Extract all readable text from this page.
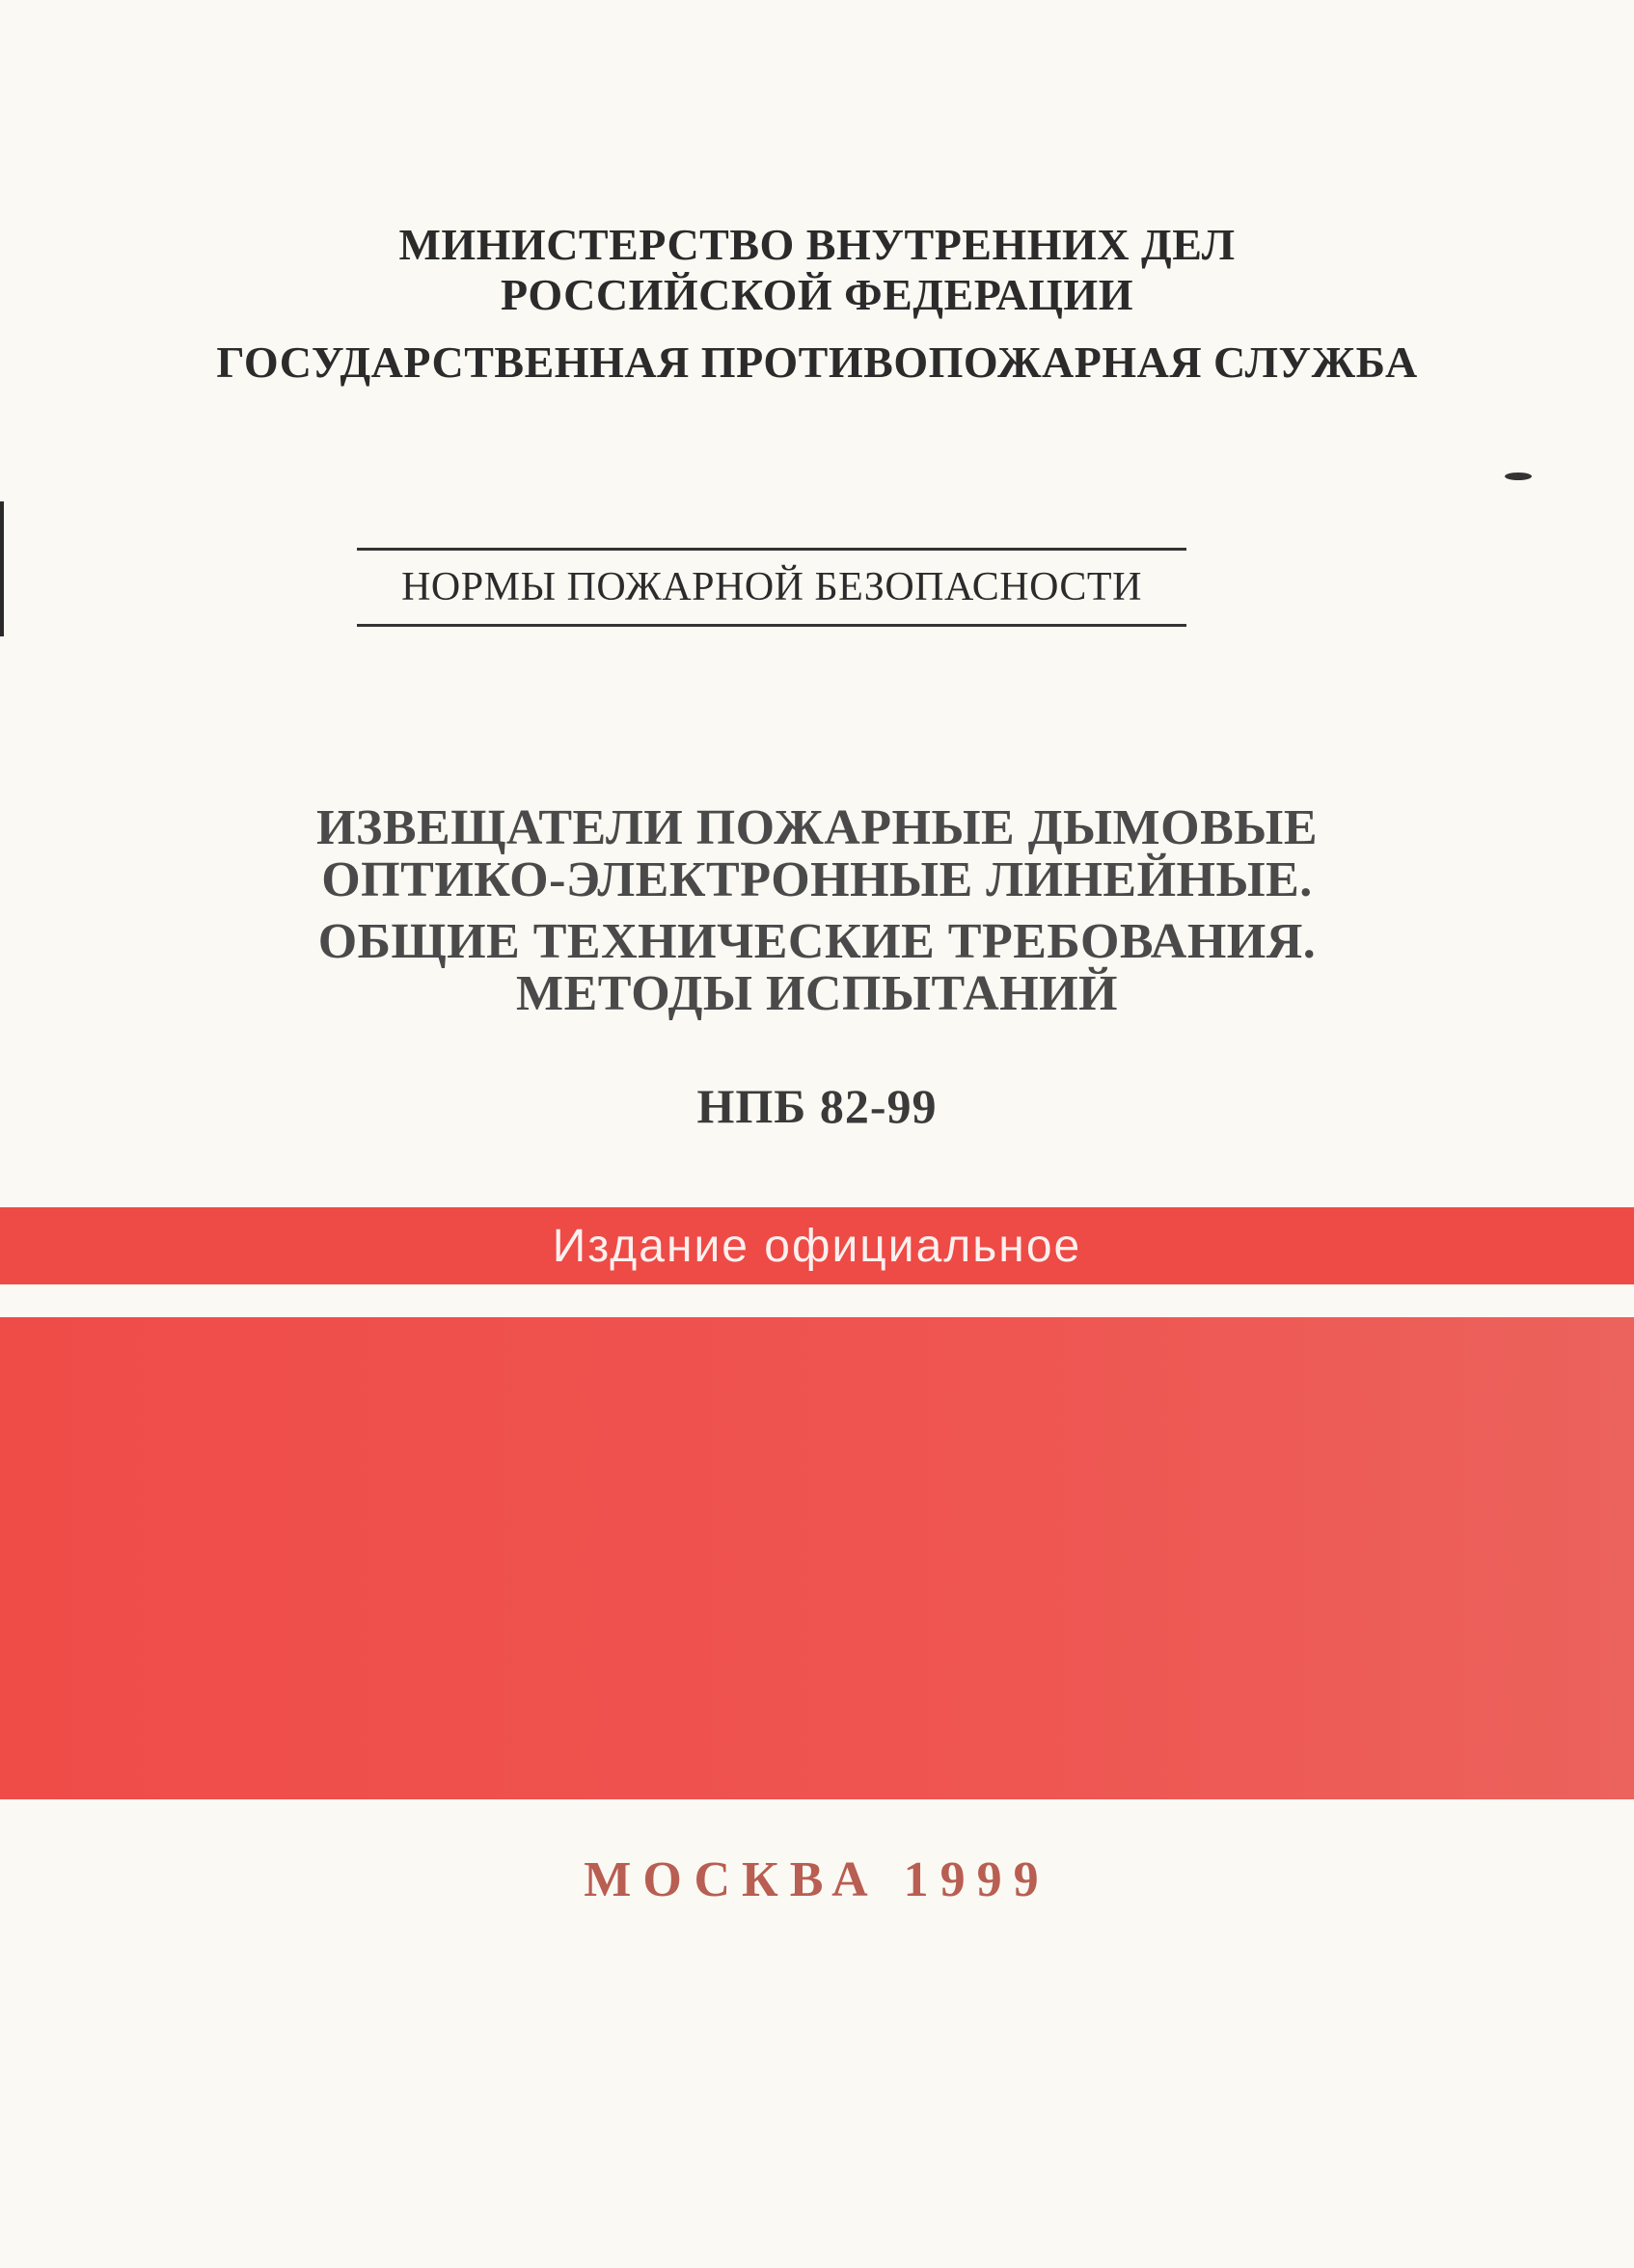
МИНИСТЕРСТВО ВНУТРЕННИХ ДЕЛ
РОССИЙСКОЙ ФЕДЕРАЦИИ
ГОСУДАРСТВЕННАЯ ПРОТИВОПОЖАРНАЯ СЛУЖБА
НОРМЫ ПОЖАРНОЙ БЕЗОПАСНОСТИ
ИЗВЕЩАТЕЛИ ПОЖАРНЫЕ ДЫМОВЫЕ
ОПТИКО-ЭЛЕКТРОННЫЕ ЛИНЕЙНЫЕ.
ОБЩИЕ ТЕХНИЧЕСКИЕ ТРЕБОВАНИЯ.
МЕТОДЫ ИСПЫТАНИЙ
НПБ 82-99
Издание официальное
МОСКВА 1999
